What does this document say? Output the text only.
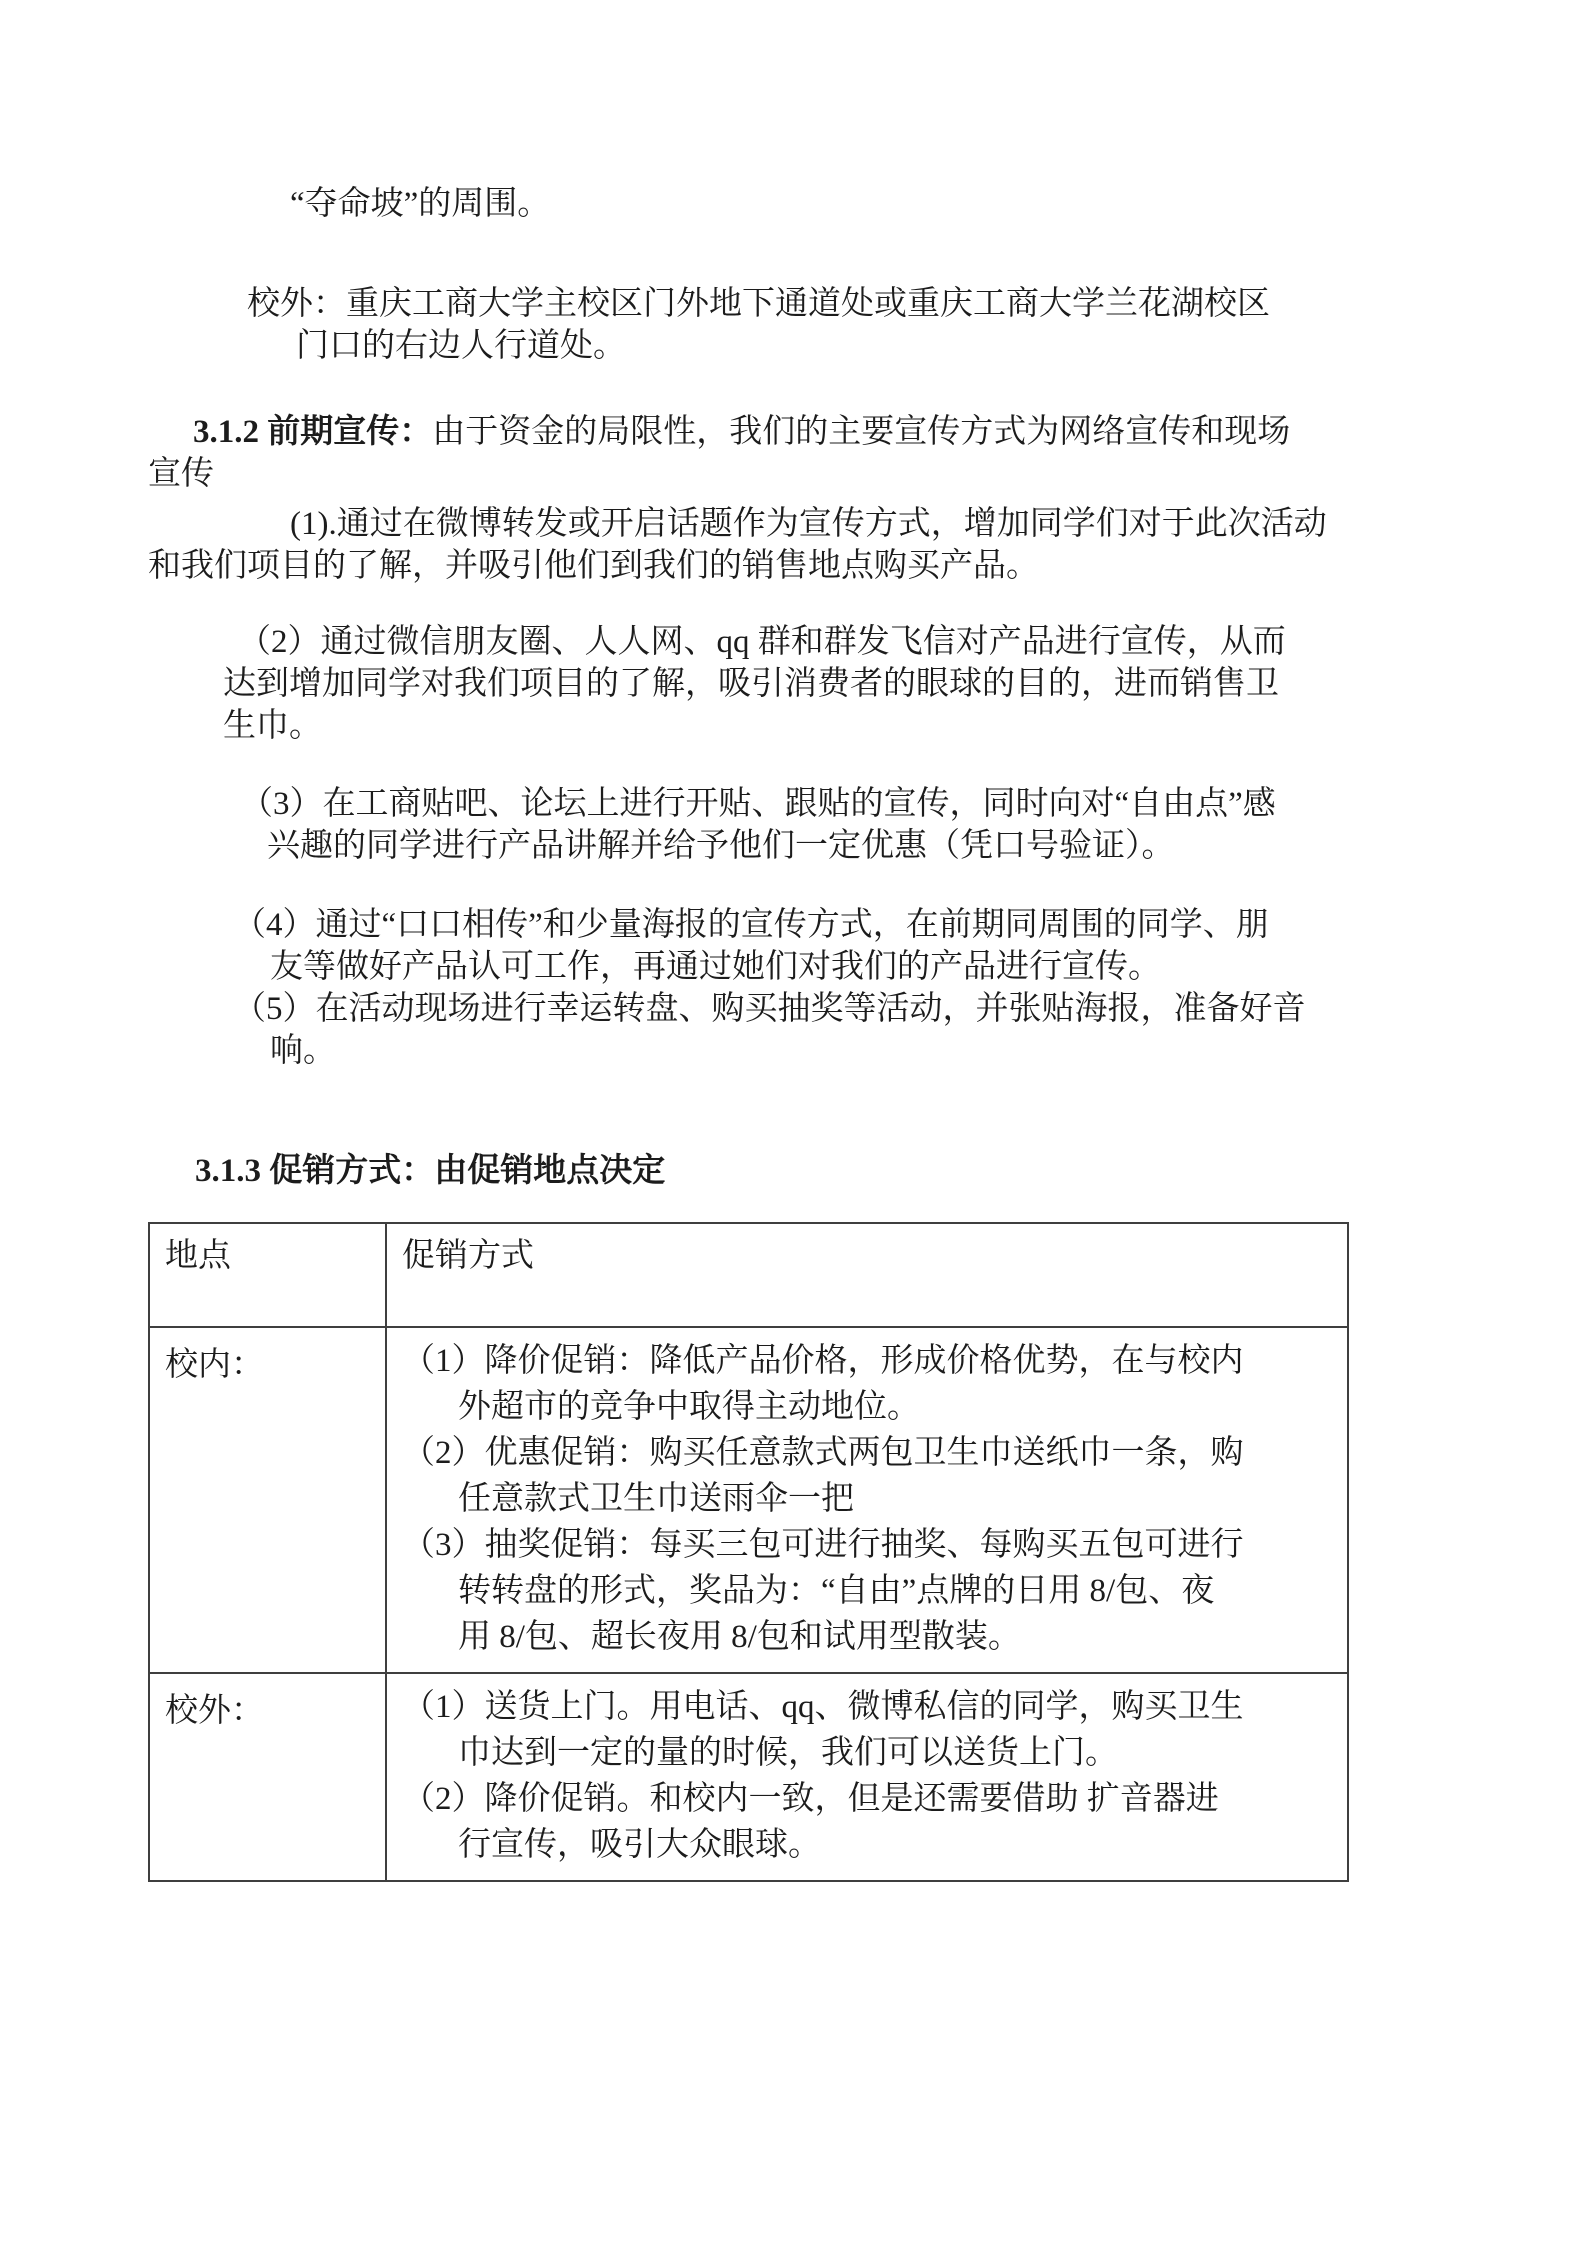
“夺命坡”的周围。
校外：重庆工商大学主校区门外地下通道处或重庆工商大学兰花湖校区
门口的右边人行道处。
3.1.2 前期宣传：由于资金的局限性，我们的主要宣传方式为网络宣传和现场
宣传
(1).通过在微博转发或开启话题作为宣传方式，增加同学们对于此次活动
和我们项目的了解，并吸引他们到我们的销售地点购买产品。
（2）通过微信朋友圈、人人网、qq 群和群发飞信对产品进行宣传，从而
达到增加同学对我们项目的了解，吸引消费者的眼球的目的，进而销售卫
生巾。
（3）在工商贴吧、论坛上进行开贴、跟贴的宣传，同时向对“自由点”感
兴趣的同学进行产品讲解并给予他们一定优惠（凭口号验证）。
（4）通过“口口相传”和少量海报的宣传方式，在前期同周围的同学、朋
友等做好产品认可工作，再通过她们对我们的产品进行宣传。
（5）在活动现场进行幸运转盘、购买抽奖等活动，并张贴海报，准备好音
响。
3.1.3 促销方式：由促销地点决定
地点	促销方式
校内：	（1）降价促销：降低产品价格，形成价格优势，在与校内
外超市的竞争中取得主动地位。
（2）优惠促销：购买任意款式两包卫生巾送纸巾一条，购
任意款式卫生巾送雨伞一把
（3）抽奖促销：每买三包可进行抽奖、每购买五包可进行
转转盘的形式，奖品为：“自由”点牌的日用 8/包、夜
用 8/包、超长夜用 8/包和试用型散装。

校外：	（1）送货上门。用电话、qq、微博私信的同学，购买卫生
巾达到一定的量的时候，我们可以送货上门。
（2）降价促销。和校内一致，但是还需要借助 扩音器进
行宣传，吸引大众眼球。
